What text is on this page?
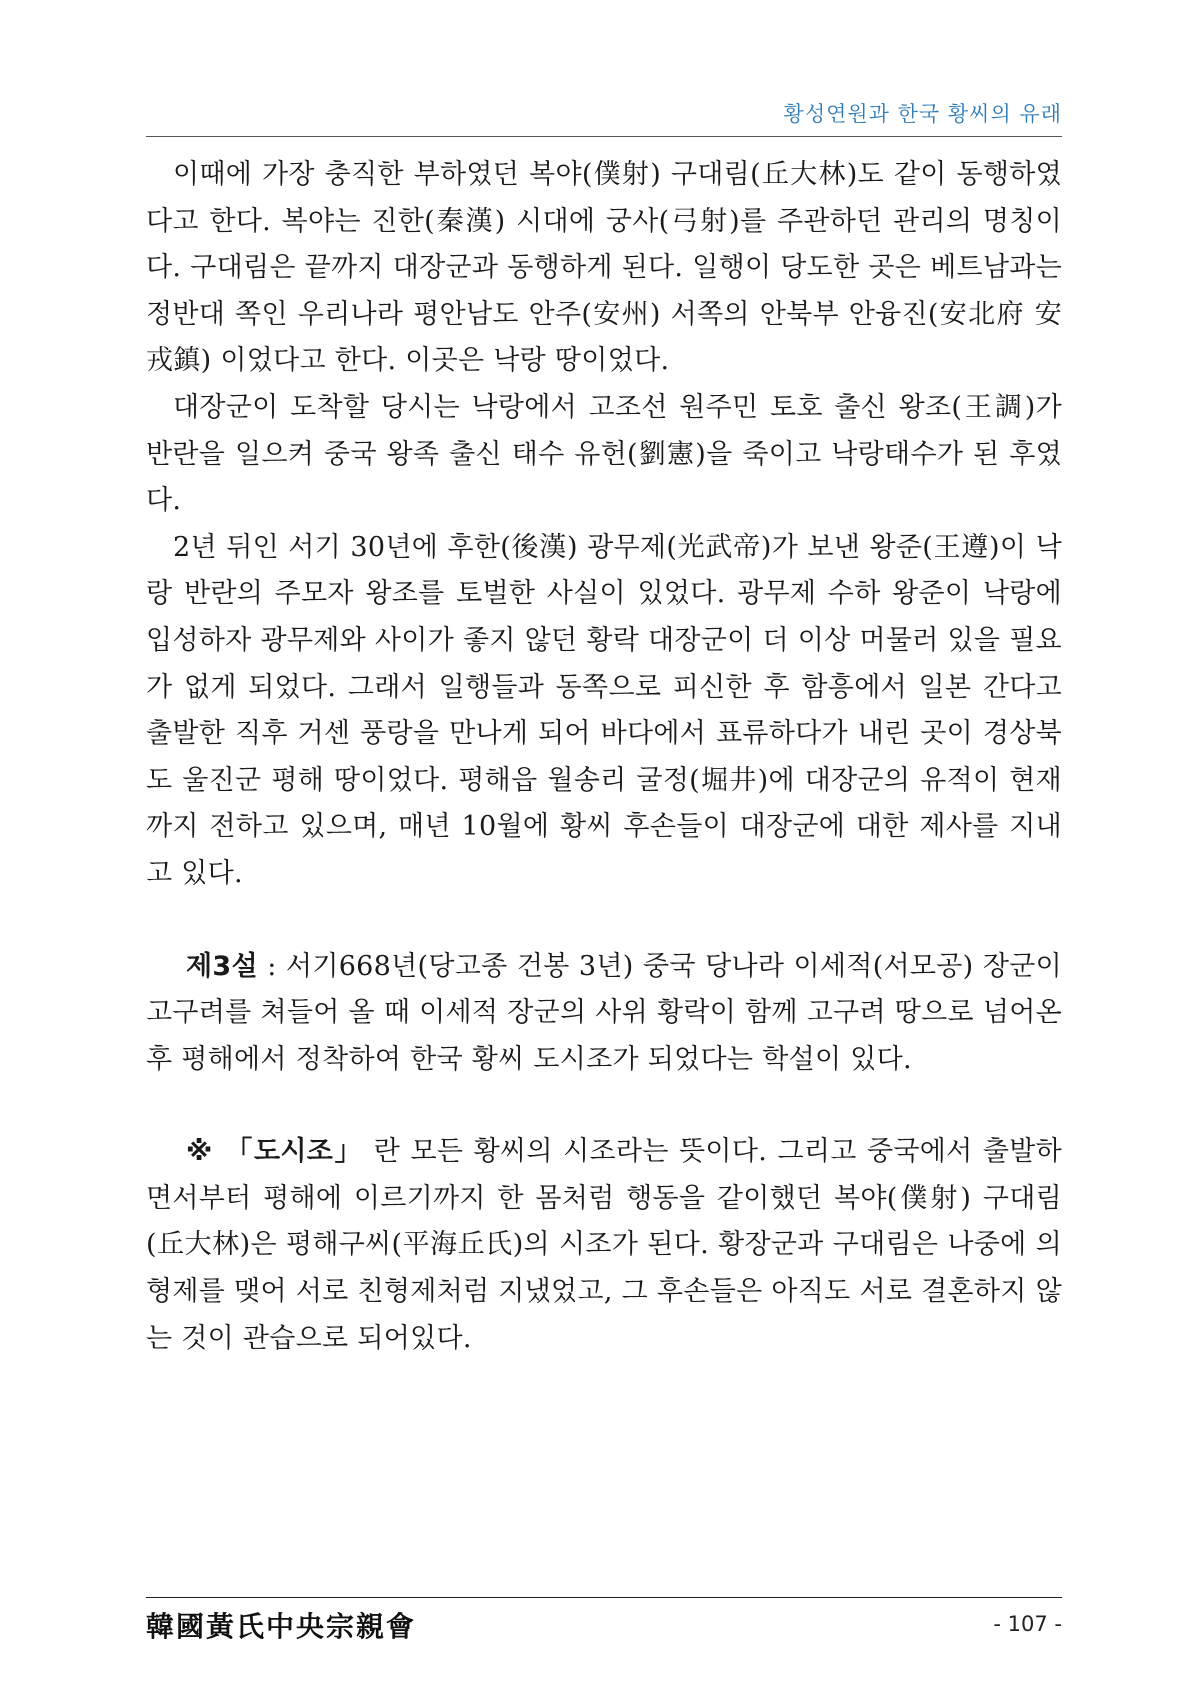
황성연원과 한국 황씨의 유래

이때에 가장 충직한 부하였던 복야(僕射) 구대림(丘大林)도 같이 동행하였다고 한다. 복야는 진한(秦漢) 시대에 궁사(弓射)를 주관하던 관리의 명칭이다. 구대림은 끝까지 대장군과 동행하게 된다. 일행이 당도한 곳은 베트남과는 정반대 쪽인 우리나라 평안남도 안주(安州) 서쪽의 안북부 안융진(安北府 安戎鎮) 이었다고 한다. 이곳은 낙랑 땅이었다.

대장군이 도착할 당시는 낙랑에서 고조선 원주민 토호 출신 왕조(王調)가 반란을 일으켜 중국 왕족 출신 태수 유헌(劉憲)을 죽이고 낙랑태수가 된 후였다.

2년 뒤인 서기 30년에 후한(後漢) 광무제(光武帝)가 보낸 왕준(王遵)이 낙랑 반란의 주모자 왕조를 토벌한 사실이 있었다. 광무제 수하 왕준이 낙랑에 입성하자 광무제와 사이가 좋지 않던 황락 대장군이 더 이상 머물러 있을 필요가 없게 되었다. 그래서 일행들과 동쪽으로 피신한 후 함흥에서 일본 간다고 출발한 직후 거센 풍랑을 만나게 되어 바다에서 표류하다가 내린 곳이 경상북도 울진군 평해 땅이었다. 평해읍 월송리 굴정(堀井)에 대장군의 유적이 현재까지 전하고 있으며, 매년 10월에 황씨 후손들이 대장군에 대한 제사를 지내고 있다.

제3설 : 서기668년(당고종 건봉 3년) 중국 당나라 이세적(서모공) 장군이 고구려를 쳐들어 올 때 이세적 장군의 사위 황락이 함께 고구려 땅으로 넘어온 후 평해에서 정착하여 한국 황씨 도시조가 되었다는 학설이 있다.

※ 「도시조」 란 모든 황씨의 시조라는 뜻이다. 그리고 중국에서 출발하면서부터 평해에 이르기까지 한 몸처럼 행동을 같이했던 복야(僕射) 구대림(丘大林)은 평해구씨(平海丘氏)의 시조가 된다. 황장군과 구대림은 나중에 의형제를 맺어 서로 친형제처럼 지냈었고, 그 후손들은 아직도 서로 결혼하지 않는 것이 관습으로 되어있다.

韓國黃氏中央宗親會	- 107 -
